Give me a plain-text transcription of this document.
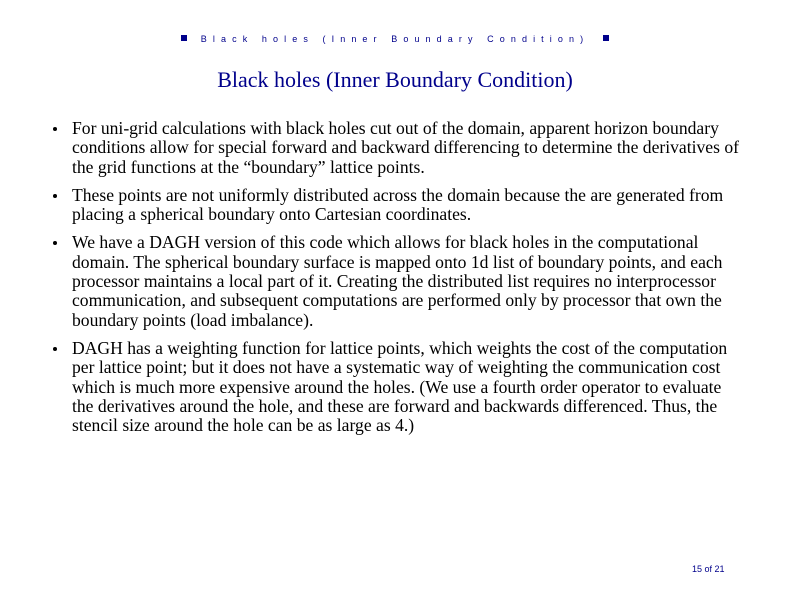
Black holes (Inner Boundary Condition)
Black holes (Inner Boundary Condition)
For uni-grid calculations with black holes cut out of the domain, apparent horizon boundary conditions allow for special forward and backward differencing to determine the derivatives of the grid functions at the “boundary” lattice points.
These points are not uniformly distributed across the domain because the are generated from placing a spherical boundary onto Cartesian coordinates.
We have a DAGH version of this code which allows for black holes in the computational domain. The spherical boundary surface is mapped onto 1d list of boundary points, and each processor maintains a local part of it. Creating the distributed list requires no interprocessor communication, and subsequent computations are performed only by processor that own the boundary points (load imbalance).
DAGH has a weighting function for lattice points, which weights the cost of the computation per lattice point; but it does not have a systematic way of weighting the communication cost which is much more expensive around the holes. (We use a fourth order operator to evaluate the derivatives around the hole, and these are forward and backwards differenced. Thus, the stencil size around the hole can be as large as 4.)
15 of 21
